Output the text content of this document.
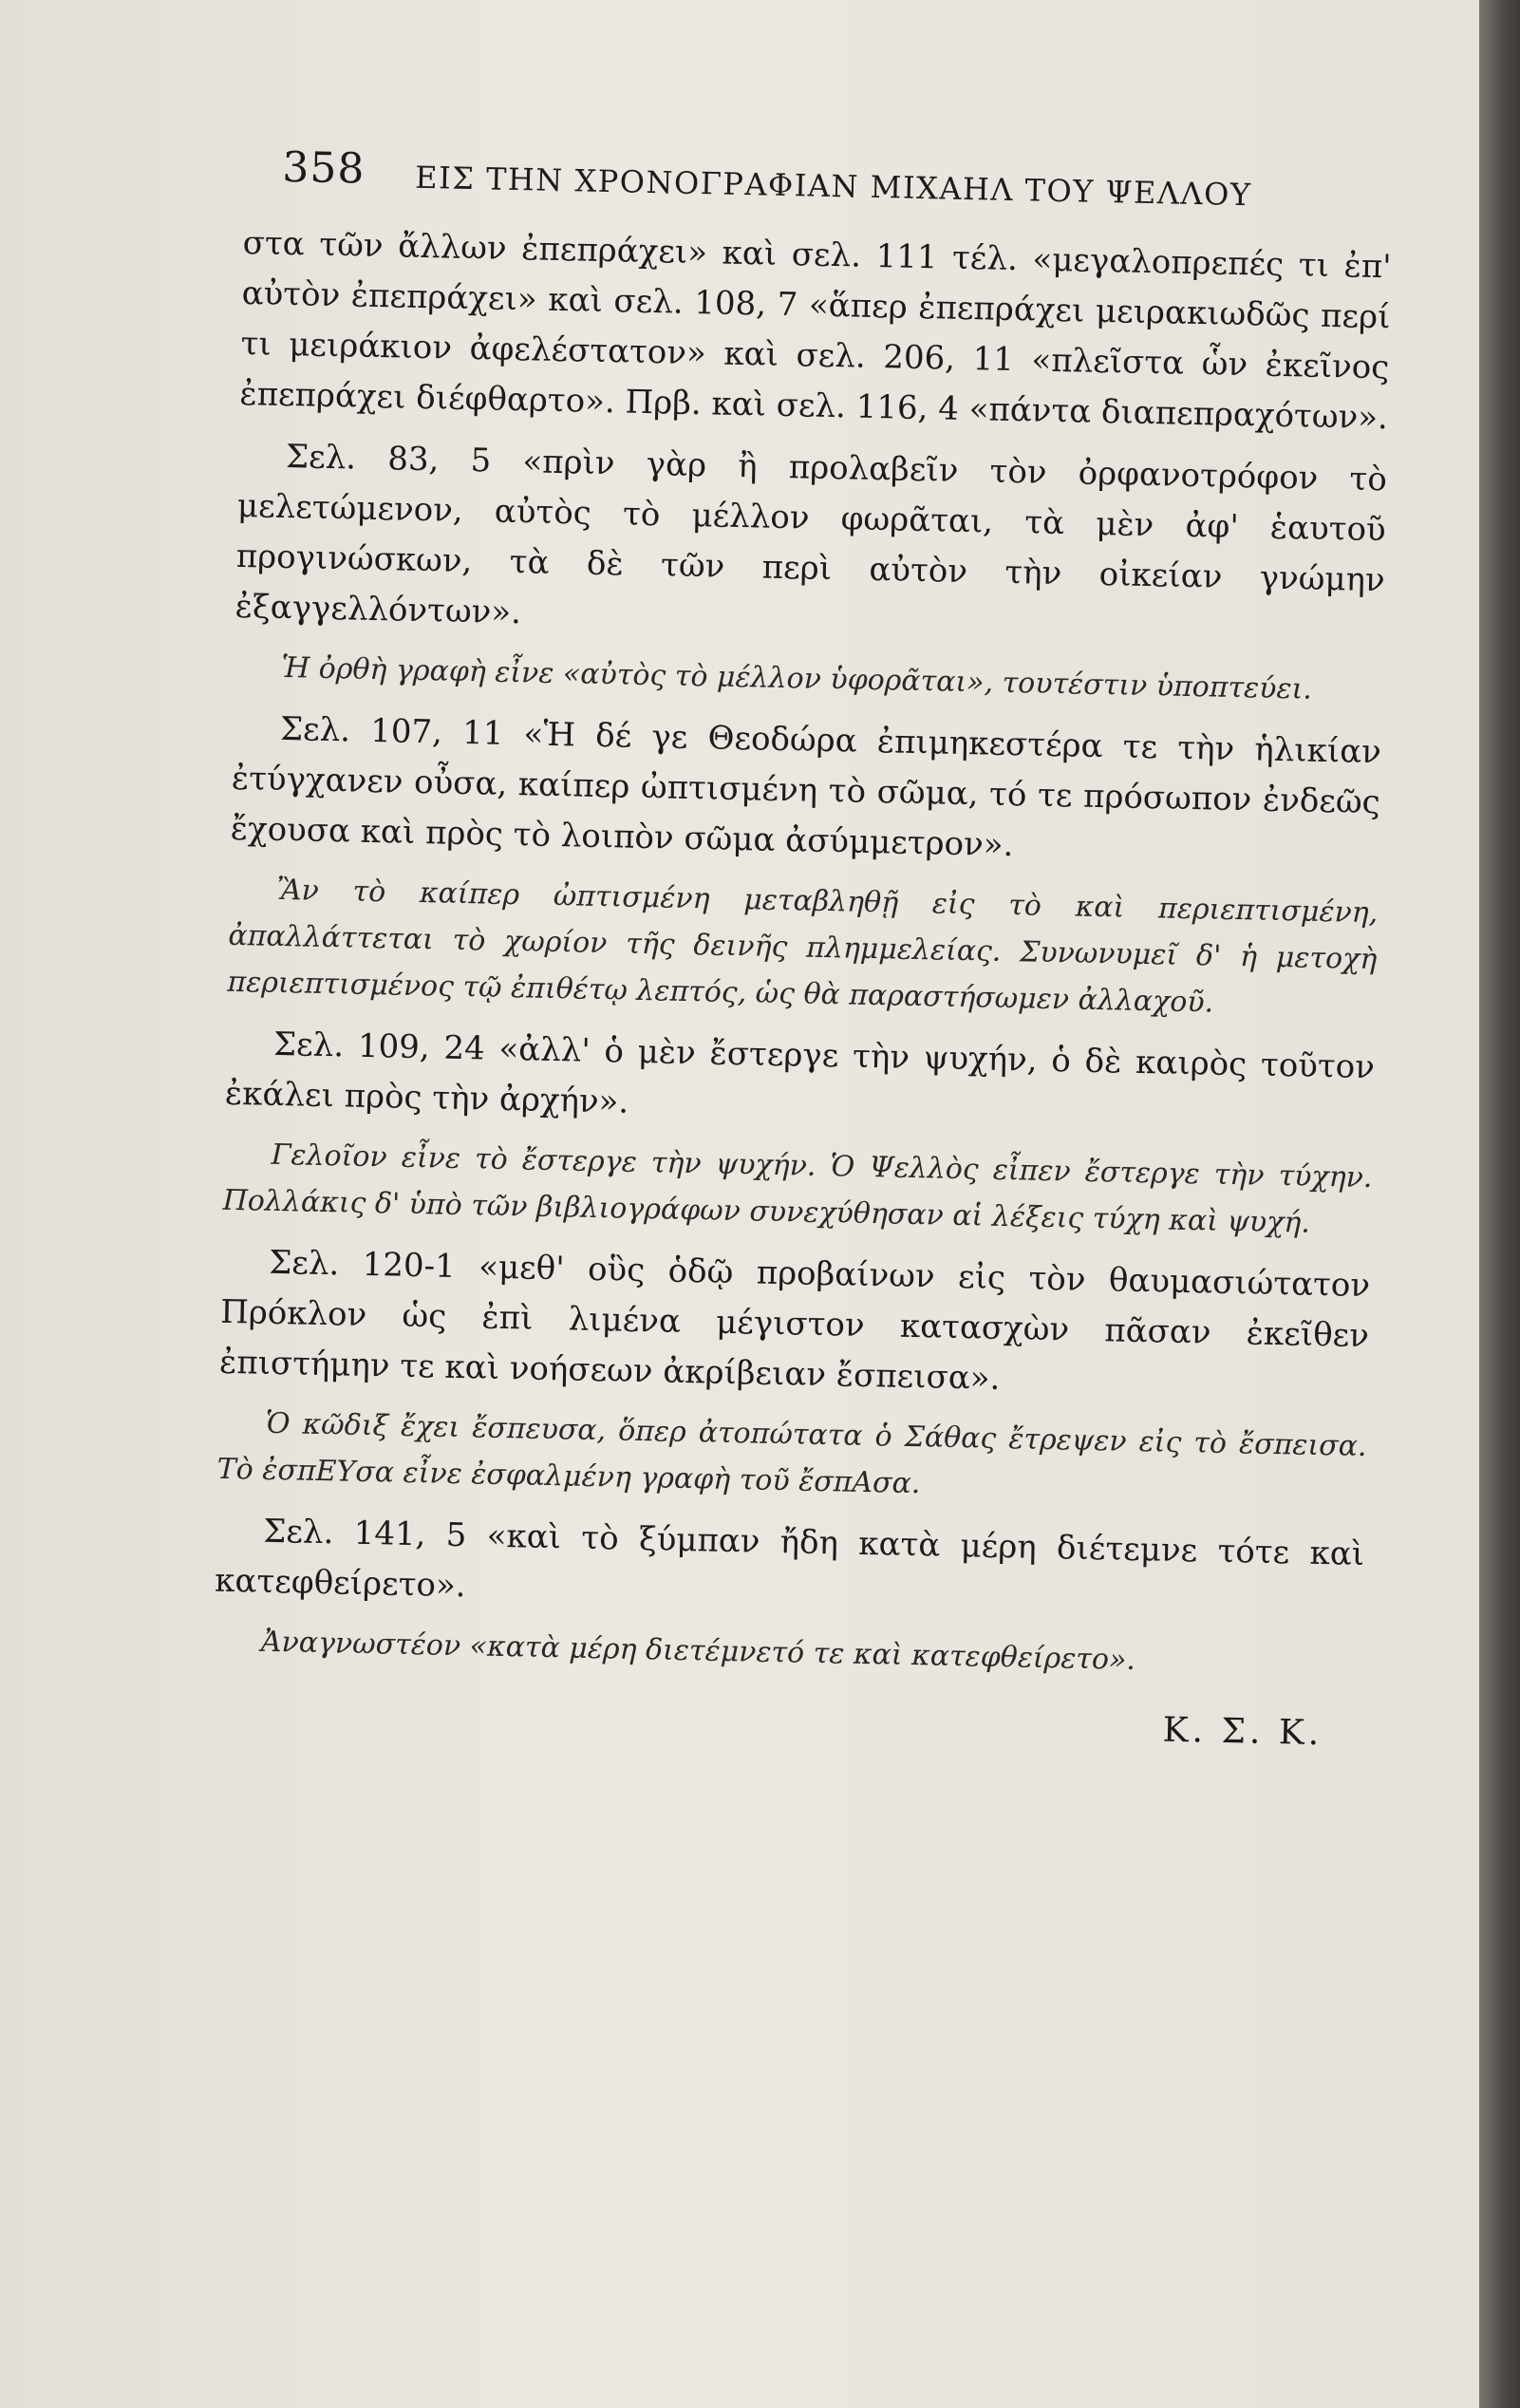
358 ΕΙΣ ΤΗΝ ΧΡΟΝΟΓΡΑΦΙΑΝ ΜΙΧΑΗΛ ΤΟΥ ΨΕΛΛΟΥ

στα τῶν ἄλλων ἐπεπράχει» καὶ σελ. 111 τέλ. «μεγαλοπρεπές τι ἐπ' αὐτὸν ἐπεπράχει» καὶ σελ. 108, 7 «ἅπερ ἐπεπράχει μειρακιωδῶς περί τι μειράκιον ἀφελέστατον» καὶ σελ. 206, 11 «πλεῖστα ὧν ἐκεῖνος ἐπεπράχει διέφθαρτο». Πρβ. καὶ σελ. 116, 4 «πάντα διαπεπραχότων».

Σελ. 83, 5 «πρὶν γὰρ ἢ προλαβεῖν τὸν ὀρφανοτρόφον τὸ μελετώμενον, αὐτὸς τὸ μέλλον φωρᾶται, τὰ μὲν ἀφ' ἑαυτοῦ προγινώσκων, τὰ δὲ τῶν περὶ αὐτὸν τὴν οἰκείαν γνώμην ἐξαγγελλόντων».

Ἡ ὀρθὴ γραφὴ εἶνε «αὐτὸς τὸ μέλλον ὑφορᾶται», τουτέστιν ὑποπτεύει.

Σελ. 107, 11 «Ἡ δέ γε Θεοδώρα ἐπιμηκεστέρα τε τὴν ἡλικίαν ἐτύγχανεν οὖσα, καίπερ ὠπτισμένη τὸ σῶμα, τό τε πρόσωπον ἐνδεῶς ἔχουσα καὶ πρὸς τὸ λοιπὸν σῶμα ἀσύμμετρον».

Ἂν τὸ καίπερ ὠπτισμένη μεταβληθῇ εἰς τὸ καὶ περιεπτισμένη, ἀπαλλάττεται τὸ χωρίον τῆς δεινῆς πλημμελείας. Συνωνυμεῖ δ' ἡ μετοχὴ περιεπτισμένος τῷ ἐπιθέτῳ λεπτός, ὡς θὰ παραστήσωμεν ἀλλαχοῦ.

Σελ. 109, 24 «ἀλλ' ὁ μὲν ἔστεργε τὴν ψυχήν, ὁ δὲ καιρὸς τοῦτον ἐκάλει πρὸς τὴν ἀρχήν».

Γελοῖον εἶνε τὸ ἔστεργε τὴν ψυχήν. Ὁ Ψελλὸς εἶπεν ἔστεργε τὴν τύχην. Πολλάκις δ' ὑπὸ τῶν βιβλιογράφων συνεχύθησαν αἱ λέξεις τύχη καὶ ψυχή.

Σελ. 120-1 «μεθ' οὓς ὁδῷ προβαίνων εἰς τὸν θαυμασιώτατον Πρόκλον ὡς ἐπὶ λιμένα μέγιστον κατασχὼν πᾶσαν ἐκεῖθεν ἐπιστήμην τε καὶ νοήσεων ἀκρίβειαν ἔσπεισα».

Ὁ κῶδιξ ἔχει ἔσπευσα, ὅπερ ἀτοπώτατα ὁ Σάθας ἔτρεψεν εἰς τὸ ἔσπεισα. Τὸ ἐσπΕΥσα εἶνε ἐσφαλμένη γραφὴ τοῦ ἔσπΑσα.

Σελ. 141, 5 «καὶ τὸ ξύμπαν ἤδη κατὰ μέρη διέτεμνε τότε καὶ κατεφθείρετο».

Ἀναγνωστέον «κατὰ μέρη διετέμνετό τε καὶ κατεφθείρετο».

Κ. Σ. Κ.
